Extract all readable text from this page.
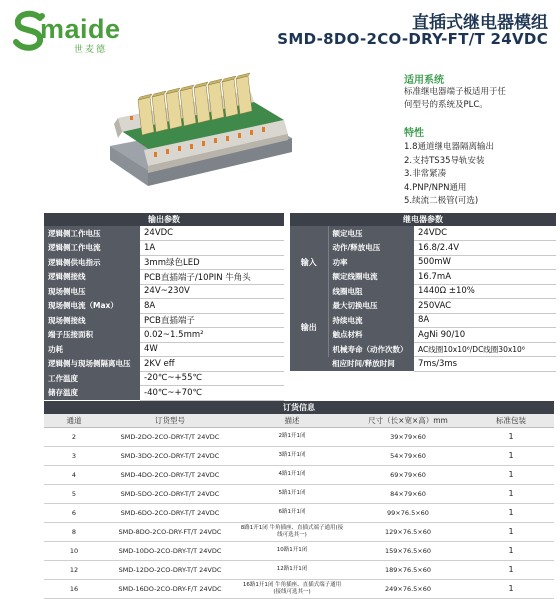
maide
世麦德
直插式继电器模组
SMD-8DO-2CO-DRY-FT/T 24VDC
适用系统
标准继电器端子板适用于任
何型号的系统及PLC。
特性
1.8通道继电器隔离输出
2.支持TS35导轨安装
3.非常紧凑
4.PNP/NPN通用
5.续流二极管(可选)
输出参数	
逻辑侧工作电压	24VDC
逻辑侧工作电流	1A
逻辑侧供电指示	3mm绿色LED
逻辑侧接线	PCB直插端子/10PIN 牛角头
现场侧电压	24V~230V
现场侧电流（Max）	8A
现场侧接线	PCB直插端子
端子压接面积	0.02~1.5mm²
功耗	4W
逻辑侧与现场侧隔离电压	2KV eff
工作温度	-20℃~+55℃
储存温度	-40℃~+70℃
继电器参数		
输入	额定电压	24VDC
	动作/释放电压	16.8/2.4V
	功率	500mW
	额定线圈电流	16.7mA
	线圈电阻	1440Ω ±10%
输出	最大切换电压	250VAC
	持续电流	8A
	触点材料	AgNi 90/10
	机械寿命（动作次数）	AC线圈10x10⁶/DC线圈30x10⁶
	相应时间/释放时间	7ms/3ms
订货信息				
通道	订货型号	描述	尺寸（长×宽×高）mm	标准包装
2	SMD-2DO-2CO-DRY-T/T 24VDC	2路1开1闭	39×79×60	1
3	SMD-3DO-2CO-DRY-T/T 24VDC	3路1开1闭	54×79×60	1
4	SMD-4DO-2CO-DRY-T/T 24VDC	4路1开1闭	69×79×60	1
5	SMD-5DO-2CO-DRY-T/T 24VDC	5路1开1闭	84×79×60	1
6	SMD-6DO-2CO-DRY-T/T 24VDC	6路1开1闭	99×76.5×60	1
8	SMD-8DO-2CO-DRY-FT/T 24VDC	8路1开1闭 牛角插座、直插式端子通用(接线可选其一)	129×76.5×60	1
10	SMD-10DO-2CO-DRY-T/T 24VDC	10路1开1闭	159×76.5×60	1
12	SMD-12DO-2CO-DRY-T/T 24VDC	12路1开1闭	189×76.5×60	1
16	SMD-16DO-2CO-DRY-F/T 24VDC	16路1开1闭 牛角插座、直插式端子通用(接线可选其一)	249×76.5×60	1
